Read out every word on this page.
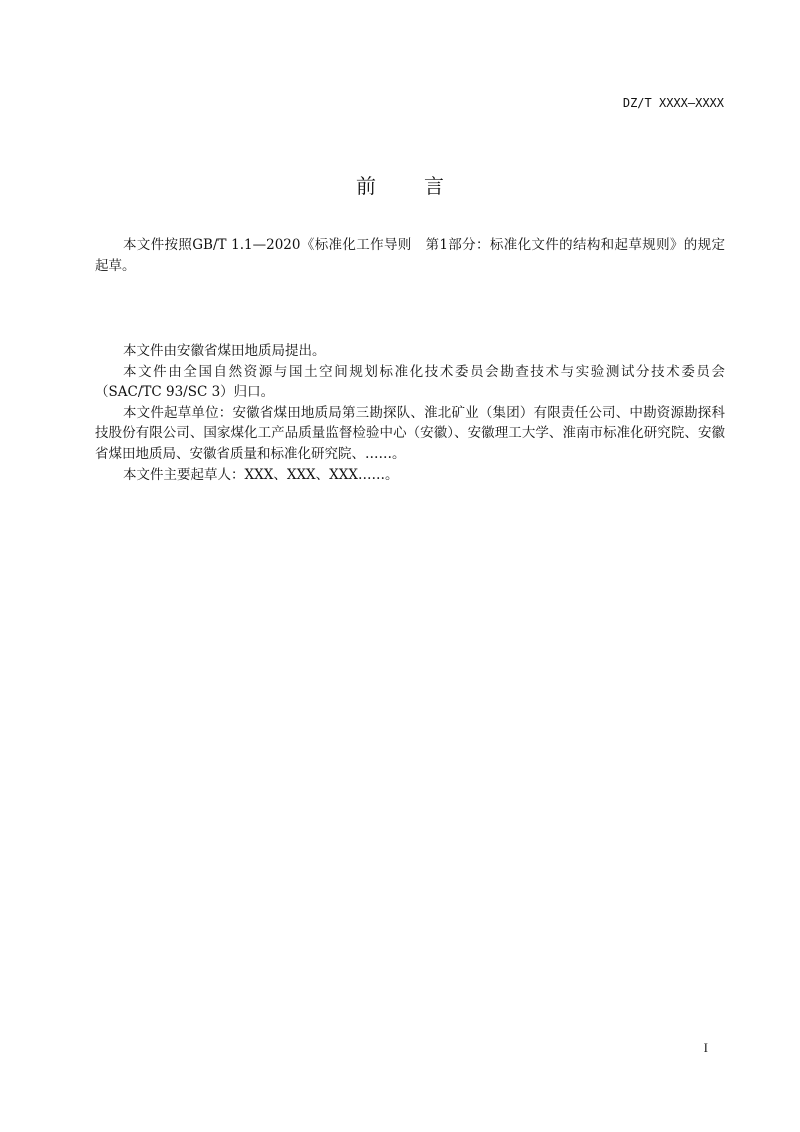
DZ/T XXXX—XXXX
前 言

本文件按照GB/T 1.1—2020《标准化工作导则　第1部分：标准化文件的结构和起草规则》的规定起草。

本文件由安徽省煤田地质局提出。

本文件由全国自然资源与国土空间规划标准化技术委员会勘查技术与实验测试分技术委员会（SAC/TC 93/SC 3）归口。

本文件起草单位：安徽省煤田地质局第三勘探队、淮北矿业（集团）有限责任公司、中勘资源勘探科技股份有限公司、国家煤化工产品质量监督检验中心（安徽）、安徽理工大学、淮南市标准化研究院、安徽省煤田地质局、安徽省质量和标准化研究院、……。

本文件主要起草人：XXX、XXX、XXX……。

I
